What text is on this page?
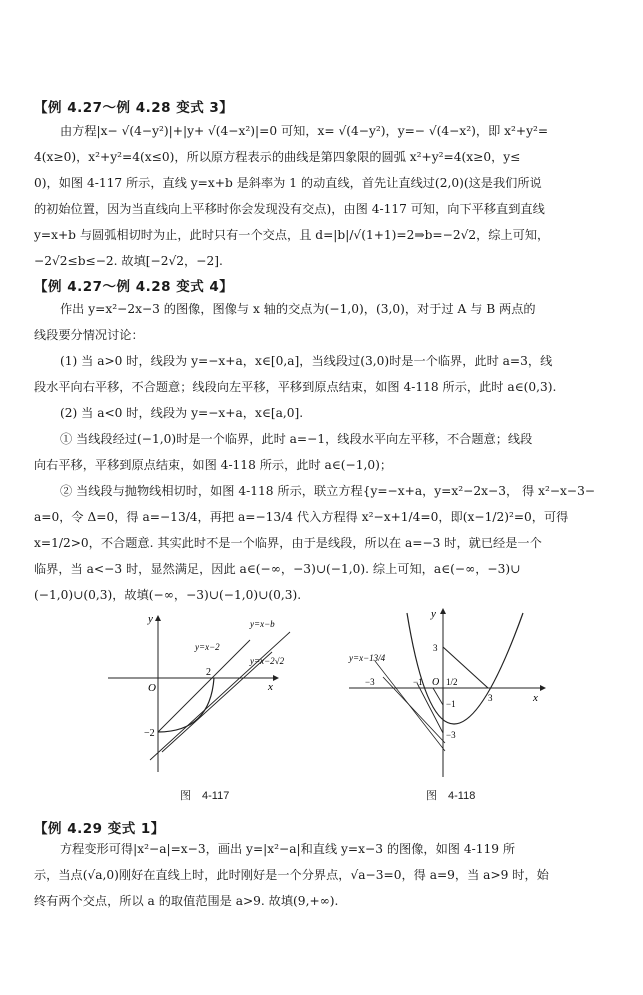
【例 4.27～例 4.28 变式 3】
由方程|x− √(4−y²)|+|y+ √(4−x²)|=0 可知，x= √(4−y²)，y=− √(4−x²)，即 x²+y²=
4(x≥0)，x²+y²=4(x≤0)，所以原方程表示的曲线是第四象限的圆弧 x²+y²=4(x≥0，y≤
0)，如图 4-117 所示，直线 y=x+b 是斜率为 1 的动直线，首先让直线过(2,0)(这是我们所说
的初始位置，因为当直线向上平移时你会发现没有交点)，由图 4-117 可知，向下平移直到直线
y=x+b 与圆弧相切时为止，此时只有一个交点，且 d=|b|/√(1+1)=2⇒b=−2√2，综上可知，
−2√2≤b≤−2. 故填[−2√2，−2].
【例 4.27～例 4.28 变式 4】
作出 y=x²−2x−3 的图像，图像与 x 轴的交点为(−1,0)，(3,0)，对于过 A 与 B 两点的
线段要分情况讨论：
(1) 当 a>0 时，线段为 y=−x+a，x∈[0,a]，当线段过(3,0)时是一个临界，此时 a=3，线
段水平向右平移，不合题意；线段向左平移，平移到原点结束，如图 4-118 所示，此时 a∈(0,3).
(2) 当 a<0 时，线段为 y=−x+a，x∈[a,0].
① 当线段经过(−1,0)时是一个临界，此时 a=−1，线段水平向左平移，不合题意；线段
向右平移，平移到原点结束，如图 4-118 所示，此时 a∈(−1,0)；
② 当线段与抛物线相切时，如图 4-118 所示，联立方程{y=−x+a，y=x²−2x−3， 得 x²−x−3−
a=0，令 Δ=0，得 a=−13/4，再把 a=−13/4 代入方程得 x²−x+1/4=0，即(x−1/2)²=0，可得
x=1/2>0，不合题意. 其实此时不是一个临界，由于是线段，所以在 a=−3 时，就已经是一个
临界，当 a<−3 时，显然满足，因此 a∈(−∞，−3)∪(−1,0). 综上可知，a∈(−∞，−3)∪
(−1,0)∪(0,3)，故填(−∞，−3)∪(−1,0)∪(0,3).
y
x
O
2
−2
y=x−b
y=x−2
y=x−2√2
图　4-117
y
x
O
y=x−13/4
−3	−1	1/2
3
3
−1
−3
图　4-118
【例 4.29 变式 1】
方程变形可得|x²−a|=x−3，画出 y=|x²−a|和直线 y=x−3 的图像，如图 4-119 所
示，当点(√a,0)刚好在直线上时，此时刚好是一个分界点，√a−3=0，得 a=9，当 a>9 时，始
终有两个交点，所以 a 的取值范围是 a>9. 故填(9,+∞).
